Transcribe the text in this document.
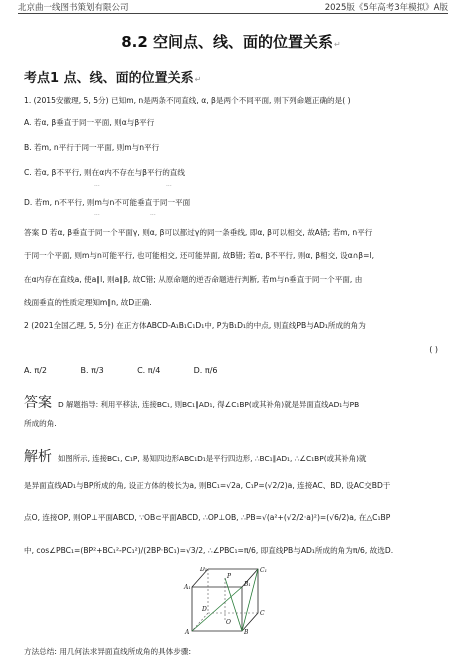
北京曲一线图书策划有限公司	2025版《5年高考3年模拟》A版
8.2 空间点、线、面的位置关系↵
考点1 点、线、面的位置关系↵
1. (2015安徽理, 5, 5分) 已知m, n是两条不同直线, α, β是两个不同平面, 则下列命题正确的是( )
A. 若α, β垂直于同一平面, 则α与β平行
B. 若m, n平行于同一平面, 则m与n平行
C. 若α, β不平行, 则在α内不存在与β平行的直线
...	...
D. 若m, n不平行, 则m与n不可能垂直于同一平面
...	...
答案 D 若α, β垂直于同一个平面γ, 则α, β可以都过γ的同一条垂线, 即α, β可以相交, 故A错; 若m, n平行
于同一个平面, 则m与n可能平行, 也可能相交, 还可能异面, 故B错; 若α, β不平行, 则α, β相交, 设α∩β=l,
在α内存在直线a, 使a∥l, 则a∥β, 故C错; 从原命题的逆否命题进行判断, 若m与n垂直于同一个平面, 由
线面垂直的性质定理知m∥n, 故D正确.
2 (2021全国乙理, 5, 5分) 在正方体ABCD-A₁B₁C₁D₁中, P为B₁D₁的中点, 则直线PB与AD₁所成的角为
( )
A. π/2	B. π/3	C. π/4	D. π/6
答案 D 解题指导: 利用平移法, 连接BC₁, 则BC₁∥AD₁, 得∠C₁BP(或其补角)就是异面直线AD₁与PB
所成的角.
解析 如图所示, 连接BC₁, C₁P, 易知四边形ABC₁D₁是平行四边形, ∴BC₁∥AD₁, ∴∠C₁BP(或其补角)就
是异面直线AD₁与BP所成的角, 设正方体的棱长为a, 则BC₁=√2a, C₁P=(√2/2)a, 连接AC、BD, 设AC交BD于
点O, 连接OP, 则OP⊥平面ABCD, ∵OB⊂平面ABCD, ∴OP⊥OB, ∴PB=√(a²+(√2/2·a)²)=(√6/2)a, 在△C₁BP
中, cos∠PBC₁=(BP²+BC₁²-PC₁²)/(2BP·BC₁)=√3/2, ∴∠PBC₁=π/6, 即直线PB与AD₁所成的角为π/6, 故选D.
D₁	C₁
A₁	B₁
P
D
C
A	B
O
方法总结: 用几何法求异面直线所成角的具体步骤:
